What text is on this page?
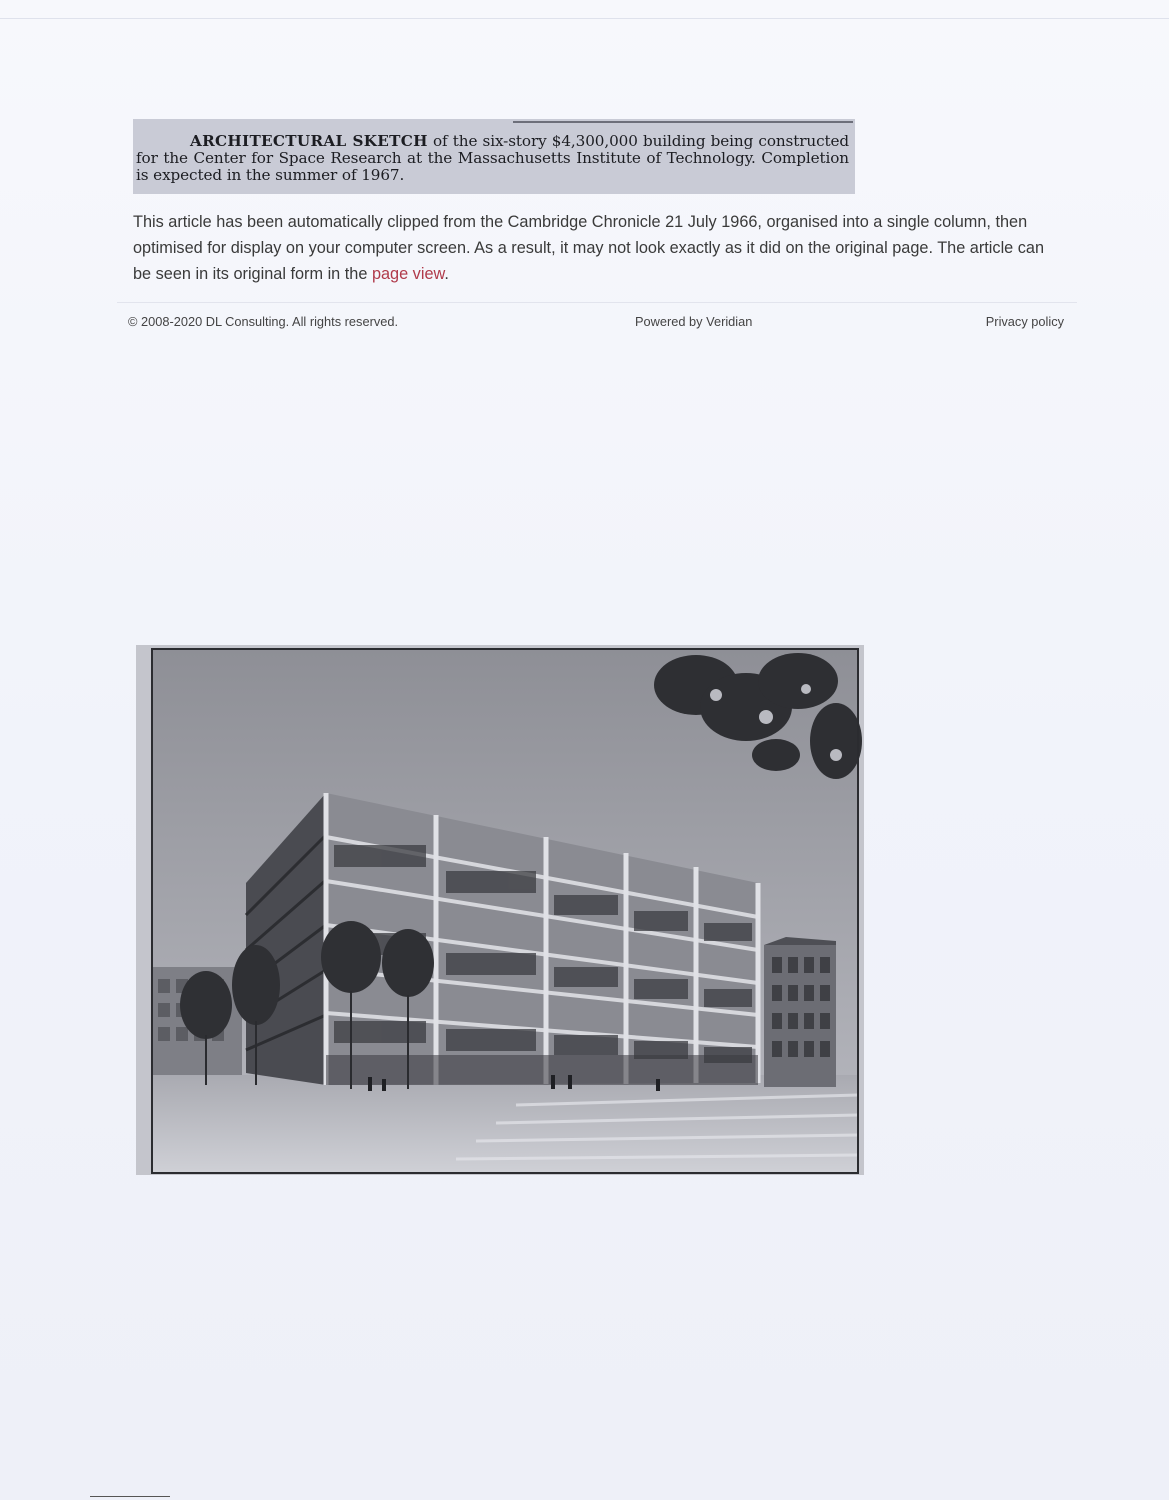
ARCHITECTURAL SKETCH of the six-story $4,300,000 building being constructed for the Center for Space Research at the Massachusetts Institute of Technology. Completion is expected in the summer of 1967.
This article has been automatically clipped from the Cambridge Chronicle 21 July 1966, organised into a single column, then optimised for display on your computer screen. As a result, it may not look exactly as it did on the original page. The article can be seen in its original form in the page view.
© 2008-2020 DL Consulting. All rights reserved.	Powered by Veridian	Privacy policy
